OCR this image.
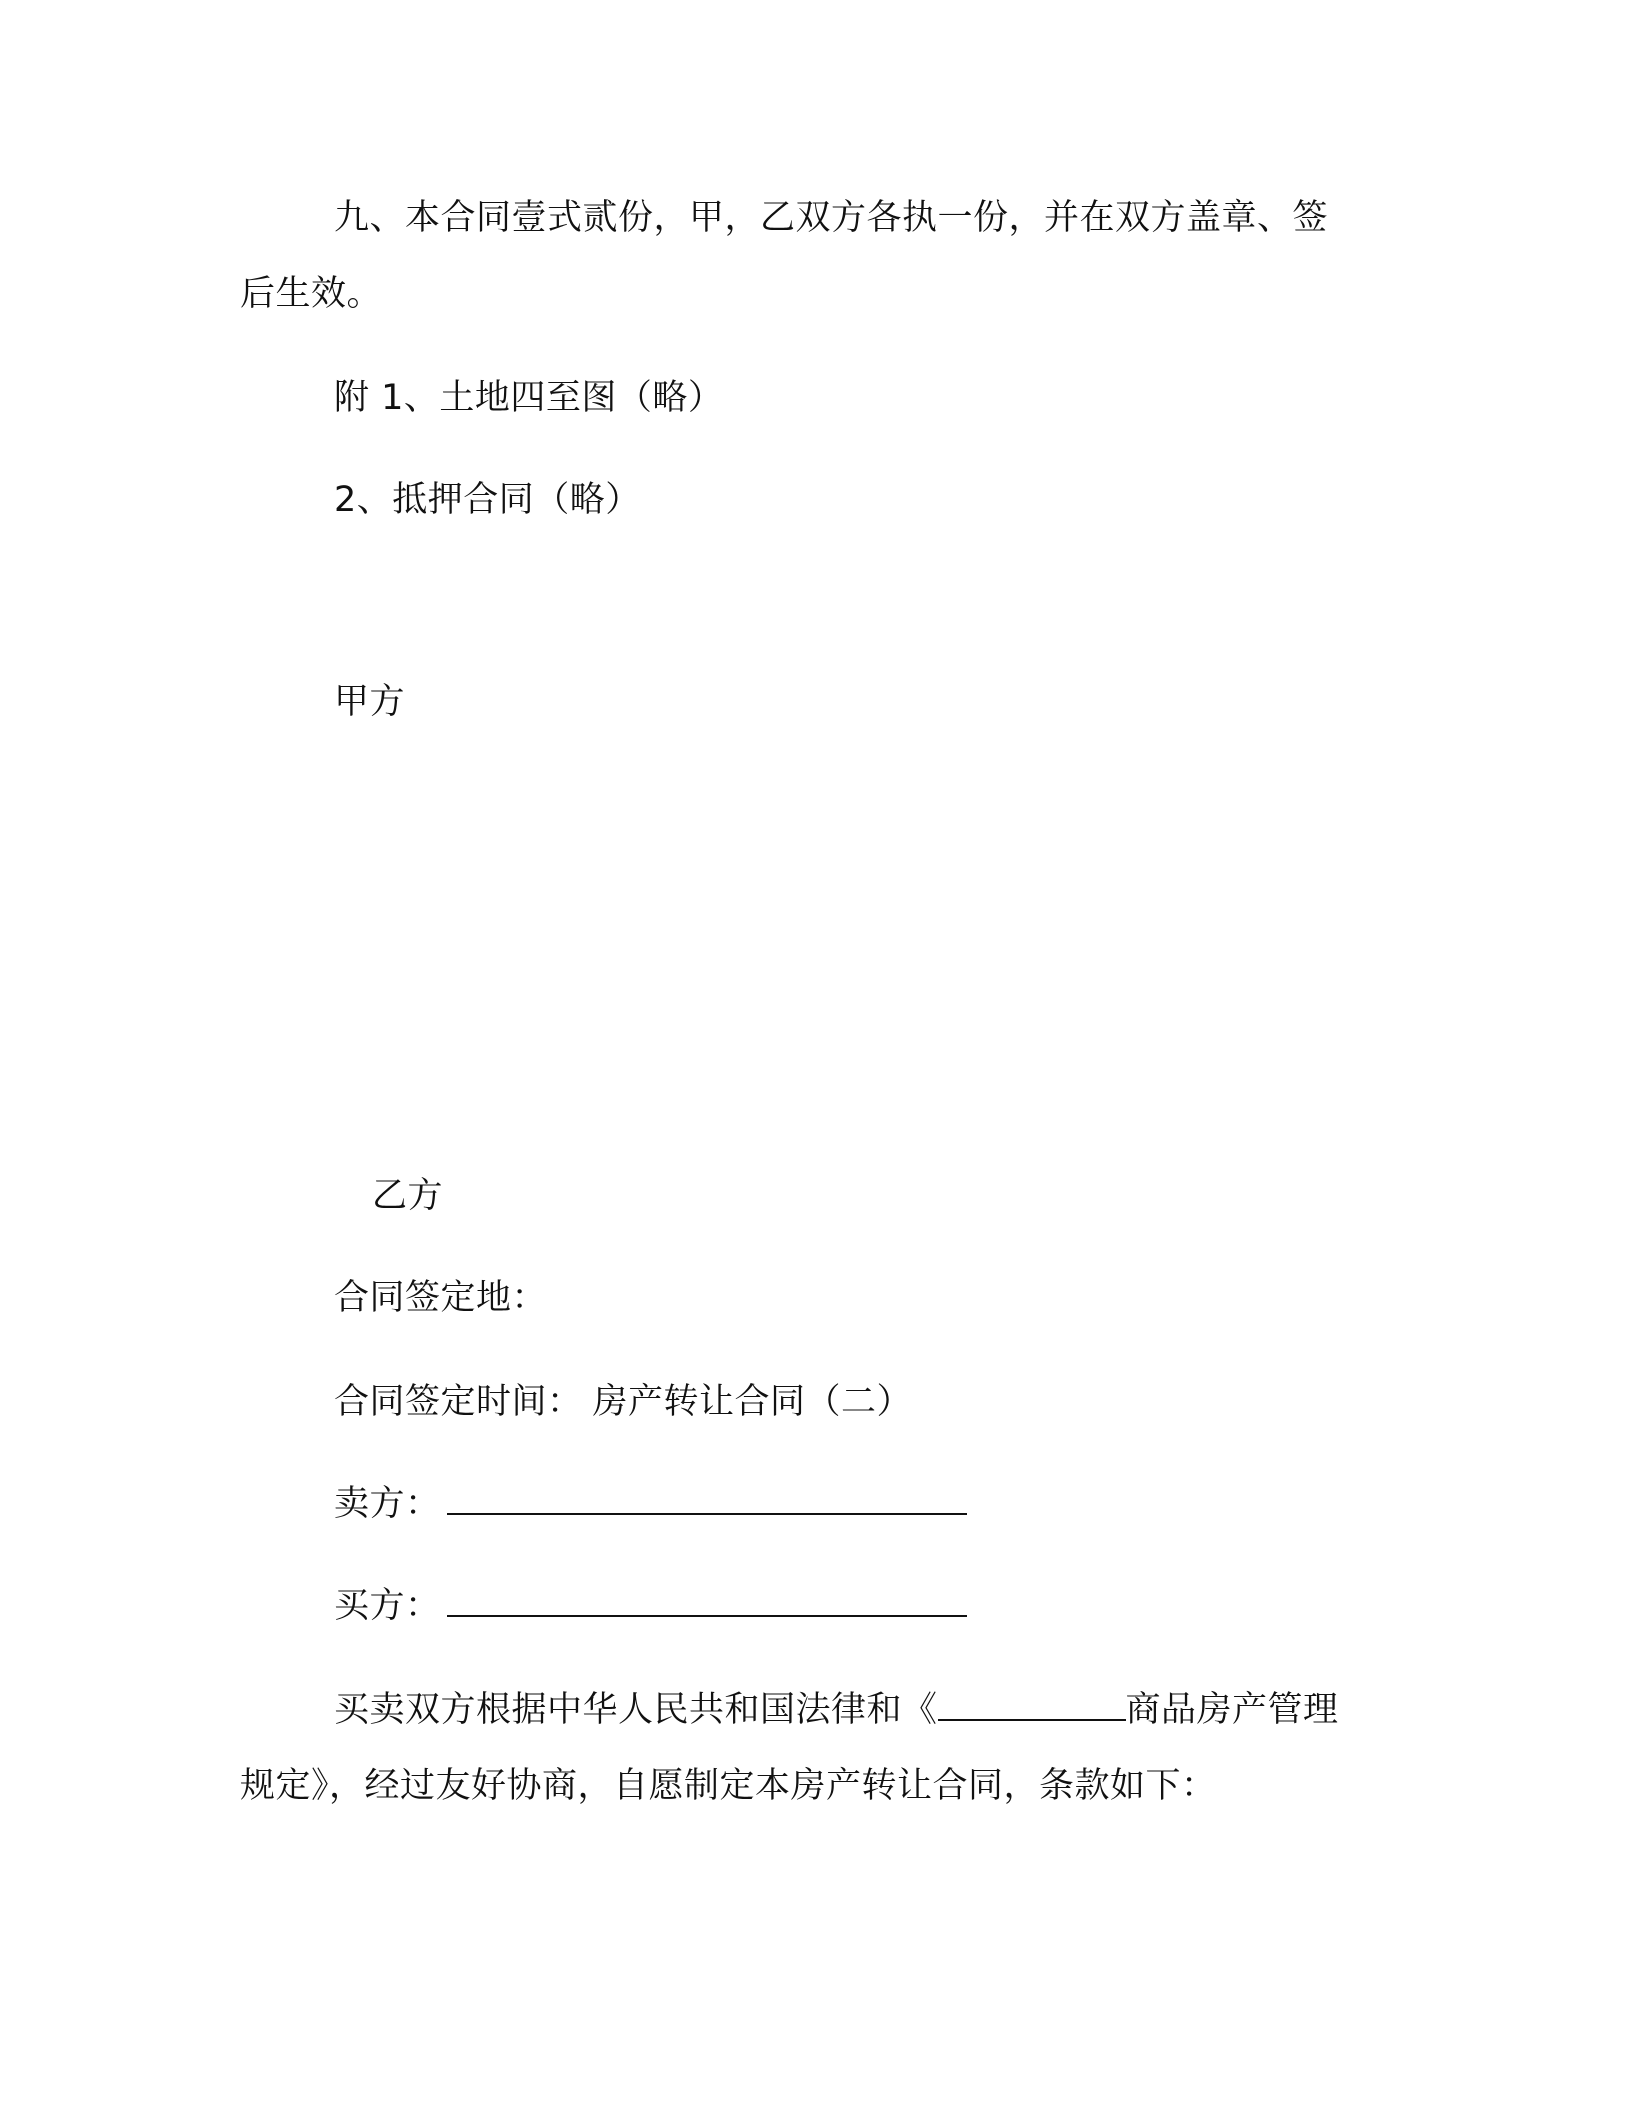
九、本合同壹式贰份，甲，乙双方各执一份，并在双方盖章、签
后生效。
附 1、土地四至图（略）
2、抵押合同（略）
甲方
乙方
合同签定地：
合同签定时间： 房产转让合同（二）
卖方：
买方：
买卖双方根据中华人民共和国法律和《	商品房产管理
规定》，经过友好协商，自愿制定本房产转让合同，条款如下：
